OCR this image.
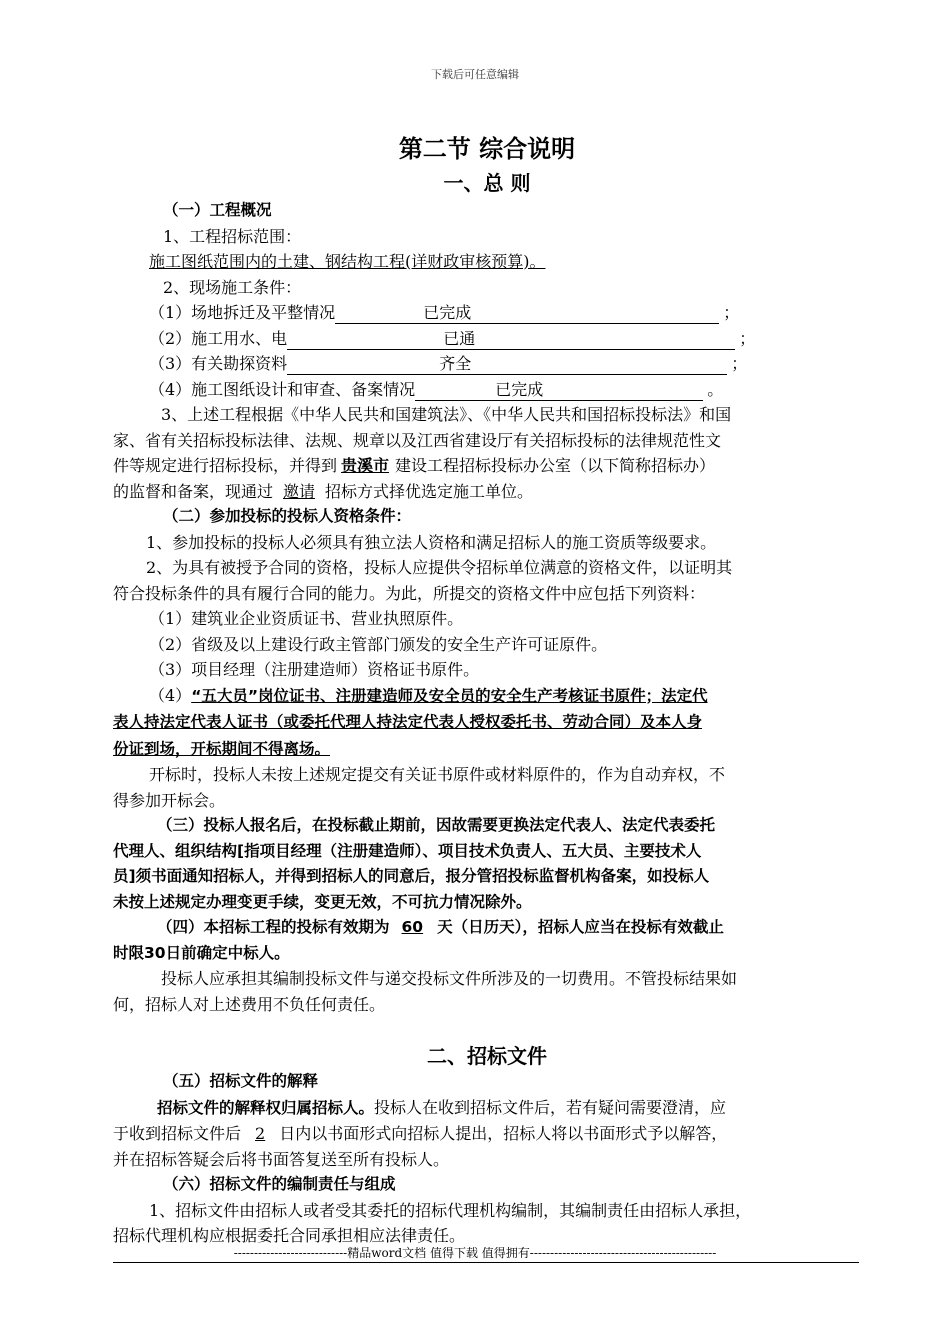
下载后可任意编辑

第二节 综合说明

一、总 则

（一）工程概况

1、工程招标范围：

施工图纸范围内的土建、钢结构工程(详财政审核预算)。

2、现场施工条件：

（1）场地拆迁及平整情况	已完成	；

（2）施工用水、电	已通	；

（3）有关勘探资料	齐全	；

（4）施工图纸设计和审查、备案情况	已完成	。

3、上述工程根据《中华人民共和国建筑法》、《中华人民共和国招标投标法》和国

家、省有关招标投标法律、法规、规章以及江西省建设厅有关招标投标的法律规范性文

件等规定进行招标投标，并得到 贵溪市 建设工程招标投标办公室（以下简称招标办）

的监督和备案，现通过 邀请 招标方式择优选定施工单位。

（二）参加投标的投标人资格条件：

1、参加投标的投标人必须具有独立法人资格和满足招标人的施工资质等级要求。

2、为具有被授予合同的资格，投标人应提供令招标单位满意的资格文件，以证明其

符合投标条件的具有履行合同的能力。为此，所提交的资格文件中应包括下列资料：

（1）建筑业企业资质证书、营业执照原件。

（2）省级及以上建设行政主管部门颁发的安全生产许可证原件。

（3）项目经理（注册建造师）资格证书原件。

（4）“五大员”岗位证书、注册建造师及安全员的安全生产考核证书原件；法定代

表人持法定代表人证书（或委托代理人持法定代表人授权委托书、劳动合同）及本人身

份证到场，开标期间不得离场。

开标时，投标人未按上述规定提交有关证书原件或材料原件的，作为自动弃权，不

得参加开标会。

（三）投标人报名后，在投标截止期前，因故需要更换法定代表人、法定代表委托

代理人、组织结构[指项目经理（注册建造师）、项目技术负责人、五大员、主要技术人

员]须书面通知招标人，并得到招标人的同意后，报分管招投标监督机构备案，如投标人

未按上述规定办理变更手续，变更无效，不可抗力情况除外。

（四）本招标工程的投标有效期为 60 天（日历天），招标人应当在投标有效截止

时限30日前确定中标人。

投标人应承担其编制投标文件与递交投标文件所涉及的一切费用。不管投标结果如

何，招标人对上述费用不负任何责任。

二、招标文件

（五）招标文件的解释

招标文件的解释权归属招标人。投标人在收到招标文件后，若有疑问需要澄清，应

于收到招标文件后 2 日内以书面形式向招标人提出，招标人将以书面形式予以解答，

并在招标答疑会后将书面答复送至所有投标人。

（六）招标文件的编制责任与组成

1、招标文件由招标人或者受其委托的招标代理机构编制，其编制责任由招标人承担，

招标代理机构应根据委托合同承担相应法律责任。

----------------------------精品word文档 值得下载 值得拥有----------------------------------------------
